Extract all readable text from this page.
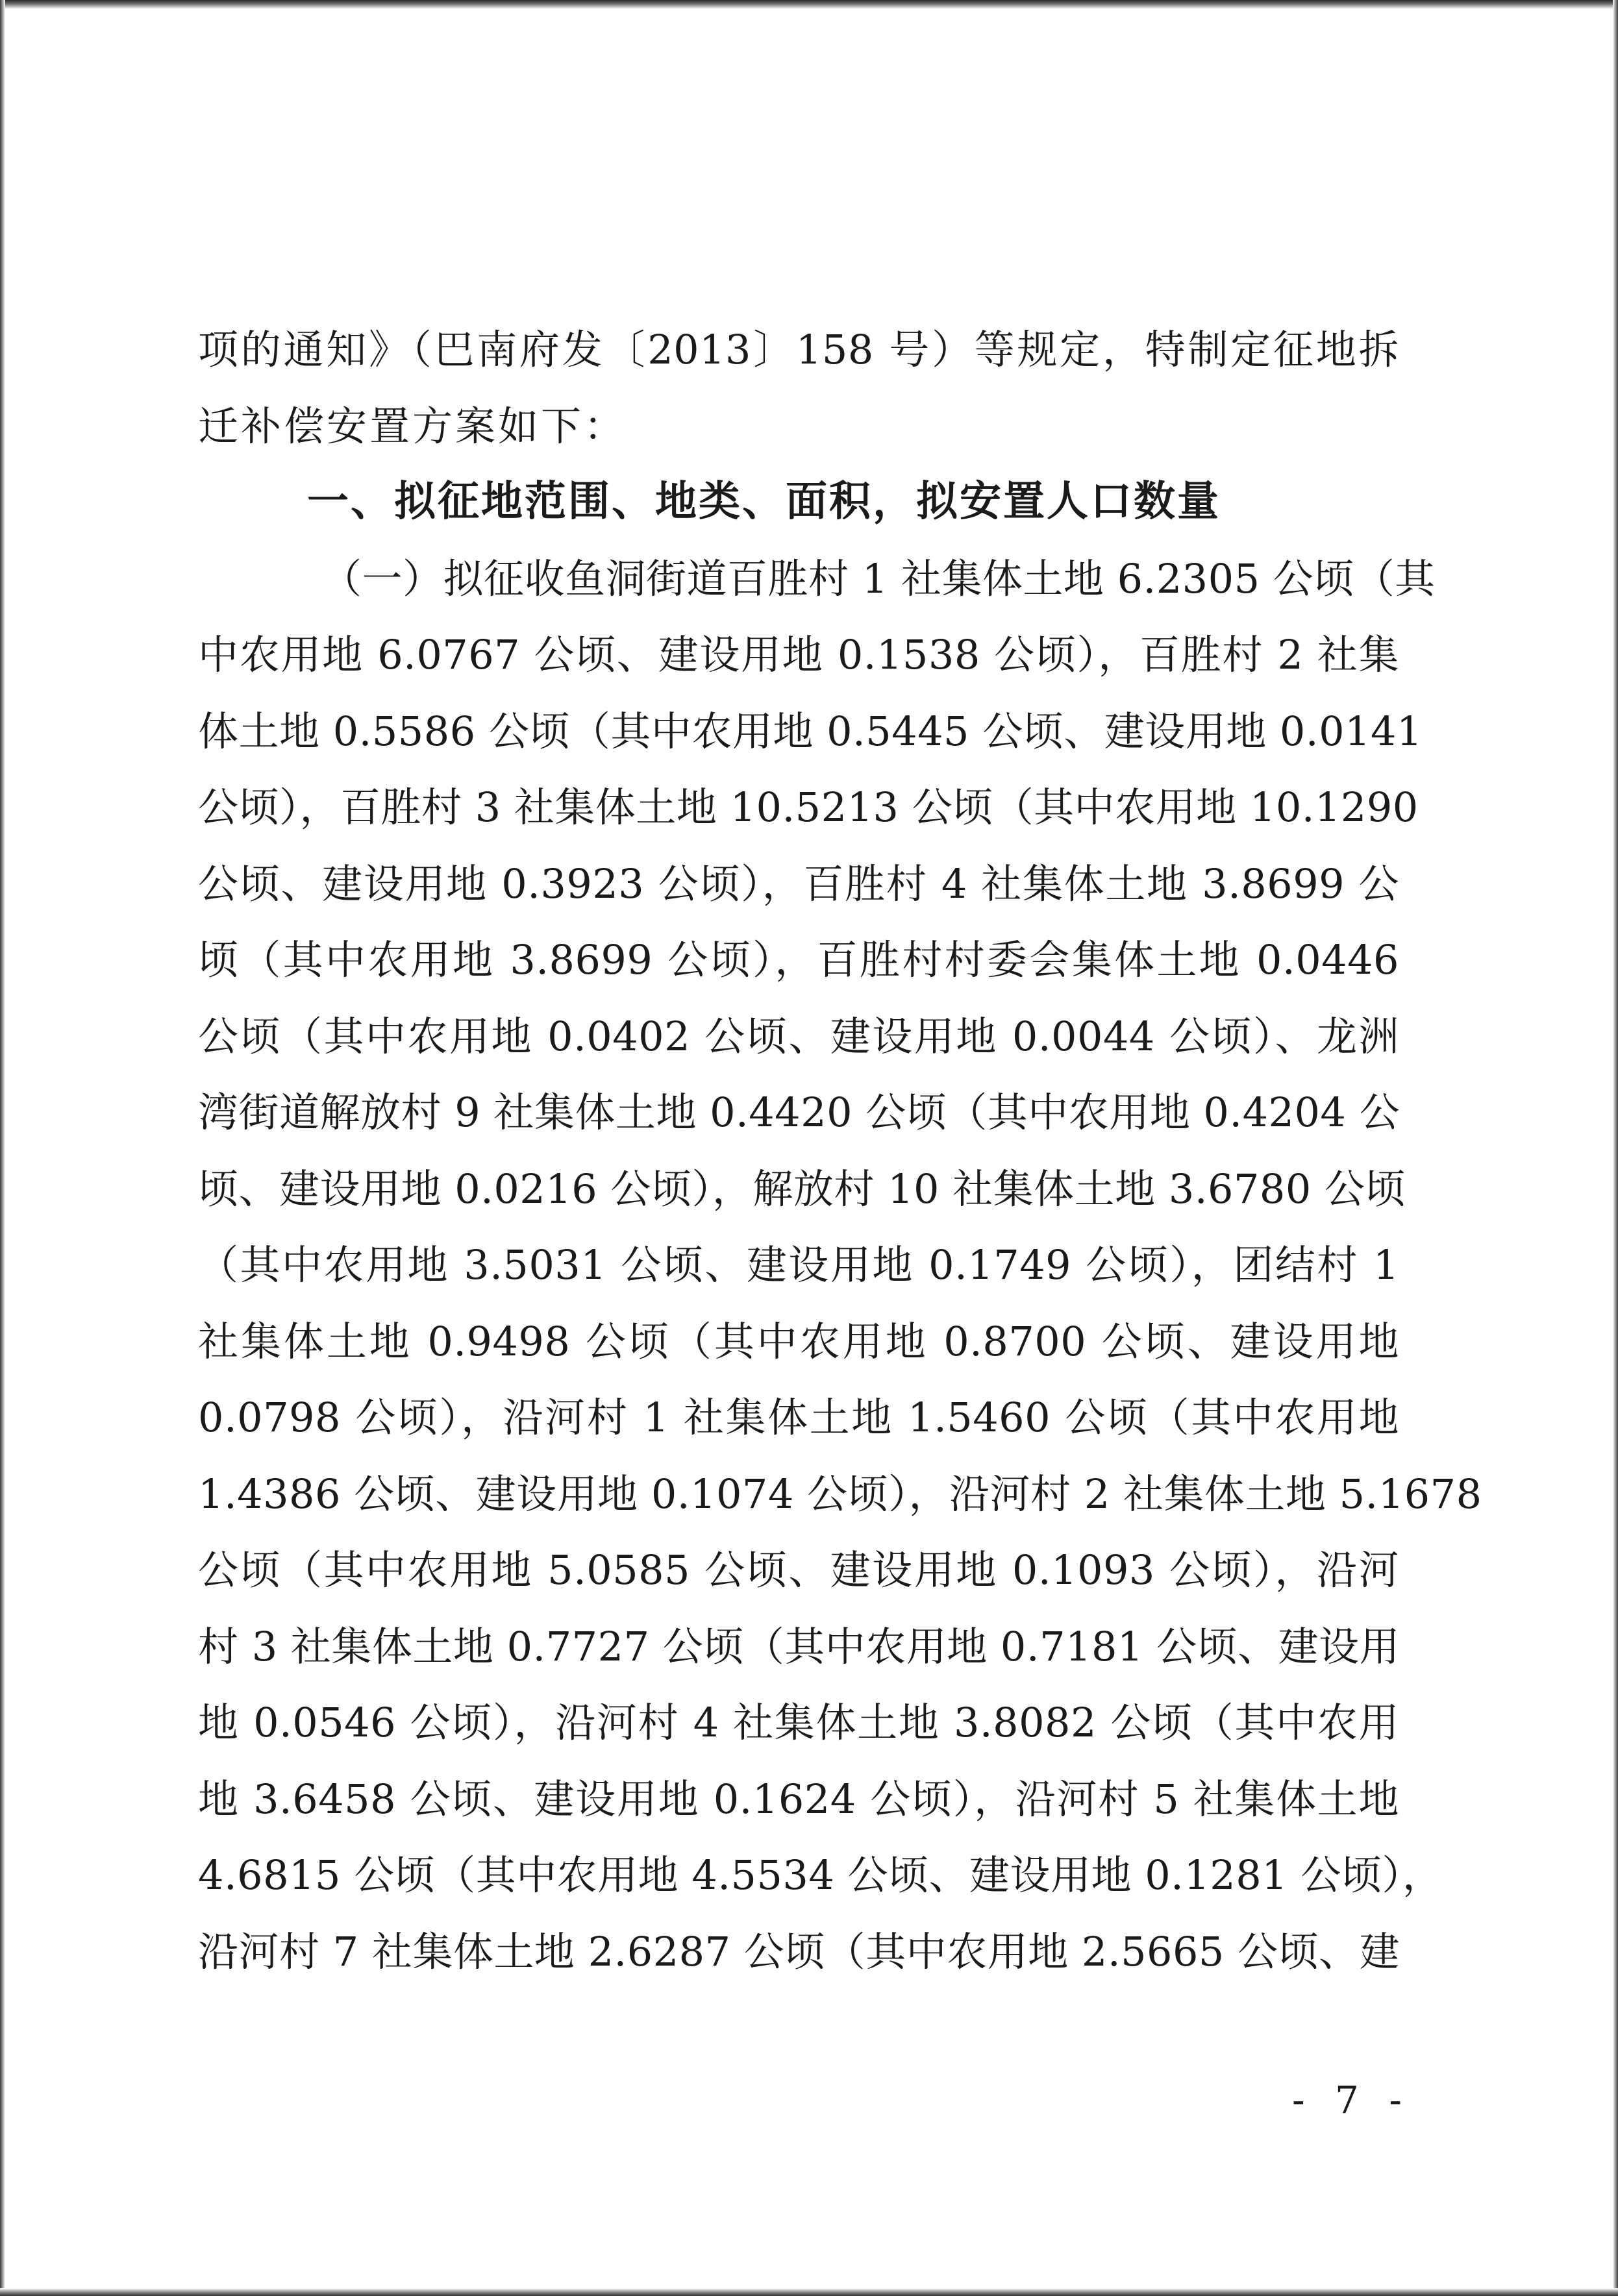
项的通知》（巴南府发〔2013〕158 号）等规定，特制定征地拆
迁补偿安置方案如下：
一、拟征地范围、地类、面积，拟安置人口数量
（一）拟征收鱼洞街道百胜村 1 社集体土地 6.2305 公顷（其
中农用地 6.0767 公顷、建设用地 0.1538 公顷），百胜村 2 社集
体土地 0.5586 公顷（其中农用地 0.5445 公顷、建设用地 0.0141
公顷），百胜村 3 社集体土地 10.5213 公顷（其中农用地 10.1290
公顷、建设用地 0.3923 公顷），百胜村 4 社集体土地 3.8699 公
顷（其中农用地 3.8699 公顷），百胜村村委会集体土地 0.0446
公顷（其中农用地 0.0402 公顷、建设用地 0.0044 公顷）、龙洲
湾街道解放村 9 社集体土地 0.4420 公顷（其中农用地 0.4204 公
顷、建设用地 0.0216 公顷），解放村 10 社集体土地 3.6780 公顷
（其中农用地 3.5031 公顷、建设用地 0.1749 公顷），团结村 1
社集体土地 0.9498 公顷（其中农用地 0.8700 公顷、建设用地
0.0798 公顷），沿河村 1 社集体土地 1.5460 公顷（其中农用地
1.4386 公顷、建设用地 0.1074 公顷），沿河村 2 社集体土地 5.1678
公顷（其中农用地 5.0585 公顷、建设用地 0.1093 公顷），沿河
村 3 社集体土地 0.7727 公顷（其中农用地 0.7181 公顷、建设用
地 0.0546 公顷），沿河村 4 社集体土地 3.8082 公顷（其中农用
地 3.6458 公顷、建设用地 0.1624 公顷），沿河村 5 社集体土地
4.6815 公顷（其中农用地 4.5534 公顷、建设用地 0.1281 公顷），
沿河村 7 社集体土地 2.6287 公顷（其中农用地 2.5665 公顷、建
- 7 -
